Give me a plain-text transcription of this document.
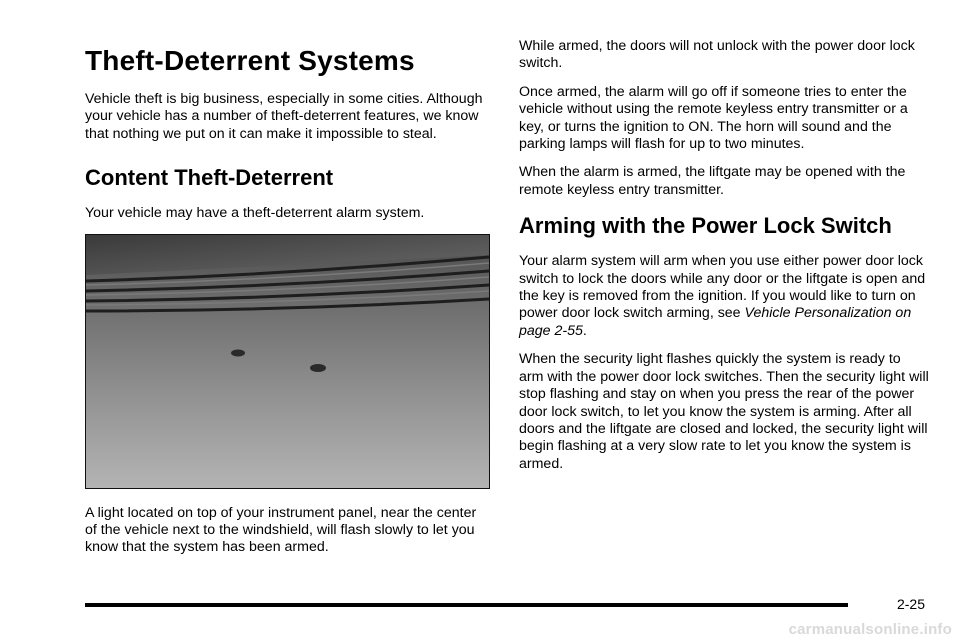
Theft-Deterrent Systems

Vehicle theft is big business, especially in some cities. Although your vehicle has a number of theft-deterrent features, we know that nothing we put on it can make it impossible to steal.

Content Theft-Deterrent

Your vehicle may have a theft-deterrent alarm system.

A light located on top of your instrument panel, near the center of the vehicle next to the windshield, will flash slowly to let you know that the system has been armed.

While armed, the doors will not unlock with the power door lock switch.

Once armed, the alarm will go off if someone tries to enter the vehicle without using the remote keyless entry transmitter or a key, or turns the ignition to ON. The horn will sound and the parking lamps will flash for up to two minutes.

When the alarm is armed, the liftgate may be opened with the remote keyless entry transmitter.

Arming with the Power Lock Switch

Your alarm system will arm when you use either power door lock switch to lock the doors while any door or the liftgate is open and the key is removed from the ignition. If you would like to turn on power door lock switch arming, see Vehicle Personalization on page 2-55.

When the security light flashes quickly the system is ready to arm with the power door lock switches. Then the security light will stop flashing and stay on when you press the rear of the power door lock switch, to let you know the system is arming. After all doors and the liftgate are closed and locked, the security light will begin flashing at a very slow rate to let you know the system is armed.

2-25
carmanualsonline.info
